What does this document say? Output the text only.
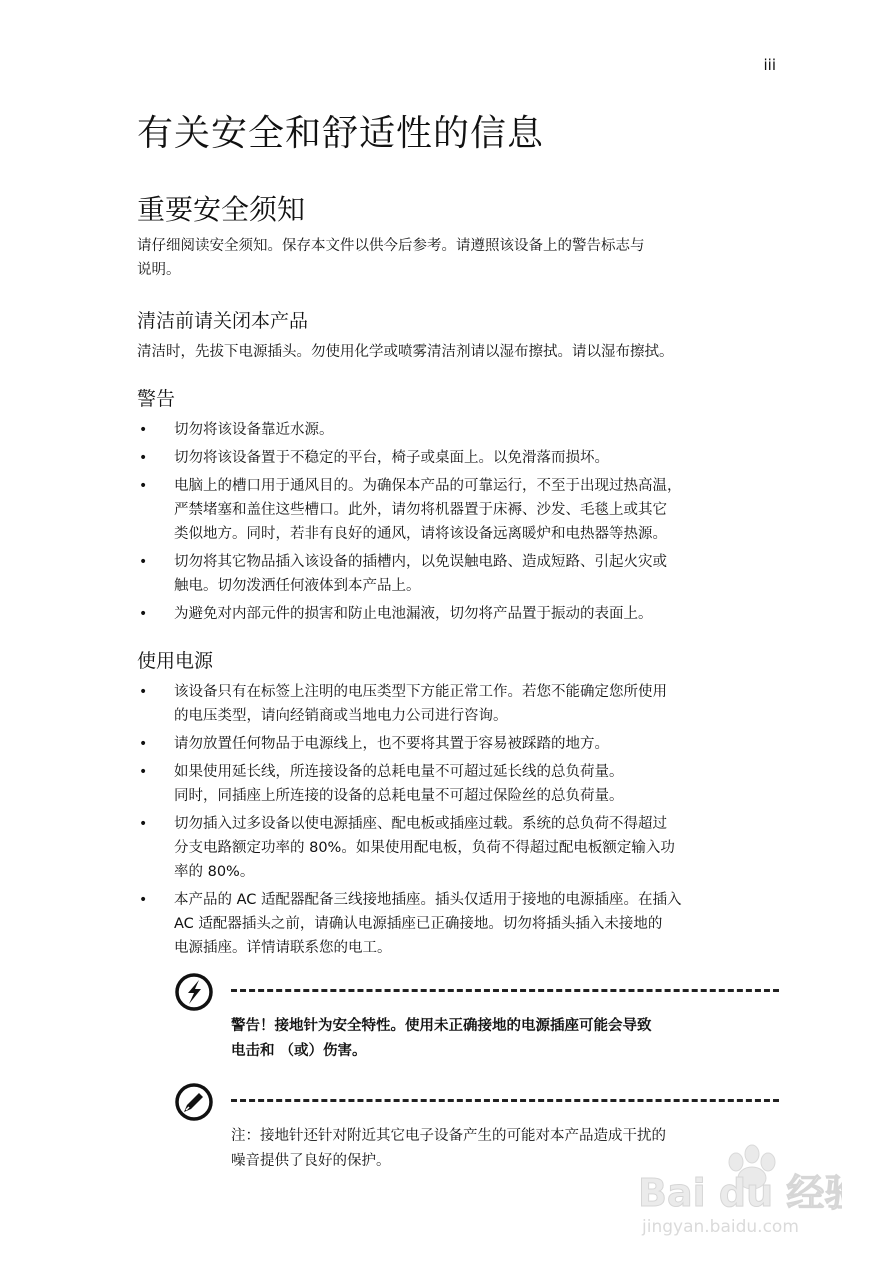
iii
有关安全和舒适性的信息
重要安全须知

请仔细阅读安全须知。保存本文件以供今后参考。请遵照该设备上的警告标志与
说明。

清洁前请关闭本产品

清洁时，先拔下电源插头。勿使用化学或喷雾清洁剂请以湿布擦拭。请以湿布擦拭。

警告
• 切勿将该设备靠近水源。
• 切勿将该设备置于不稳定的平台，椅子或桌面上。以免滑落而损坏。
• 电脑上的槽口用于通风目的。为确保本产品的可靠运行，不至于出现过热高温，
严禁堵塞和盖住这些槽口。此外，请勿将机器置于床褥、沙发、毛毯上或其它
类似地方。同时，若非有良好的通风，请将该设备远离暖炉和电热器等热源。
• 切勿将其它物品插入该设备的插槽内，以免误触电路、造成短路、引起火灾或
触电。切勿泼洒任何液体到本产品上。
• 为避免对内部元件的损害和防止电池漏液，切勿将产品置于振动的表面上。
使用电源
• 该设备只有在标签上注明的电压类型下方能正常工作。若您不能确定您所使用
的电压类型，请向经销商或当地电力公司进行咨询。
• 请勿放置任何物品于电源线上，也不要将其置于容易被踩踏的地方。
• 如果使用延长线，所连接设备的总耗电量不可超过延长线的总负荷量。
同时，同插座上所连接的设备的总耗电量不可超过保险丝的总负荷量。
• 切勿插入过多设备以使电源插座、配电板或插座过载。系统的总负荷不得超过
分支电路额定功率的 80%。如果使用配电板，负荷不得超过配电板额定输入功
率的 80%。
• 本产品的 AC 适配器配备三线接地插座。插头仅适用于接地的电源插座。在插入
AC 适配器插头之前，请确认电源插座已正确接地。切勿将插头插入未接地的
电源插座。详情请联系您的电工。
警告！接地针为安全特性。使用未正确接地的电源插座可能会导致
电击和 （或）伤害。
注：接地针还针对附近其它电子设备产生的可能对本产品造成干扰的
噪音提供了良好的保护。
Bai du 经验
jingyan.baidu.com
